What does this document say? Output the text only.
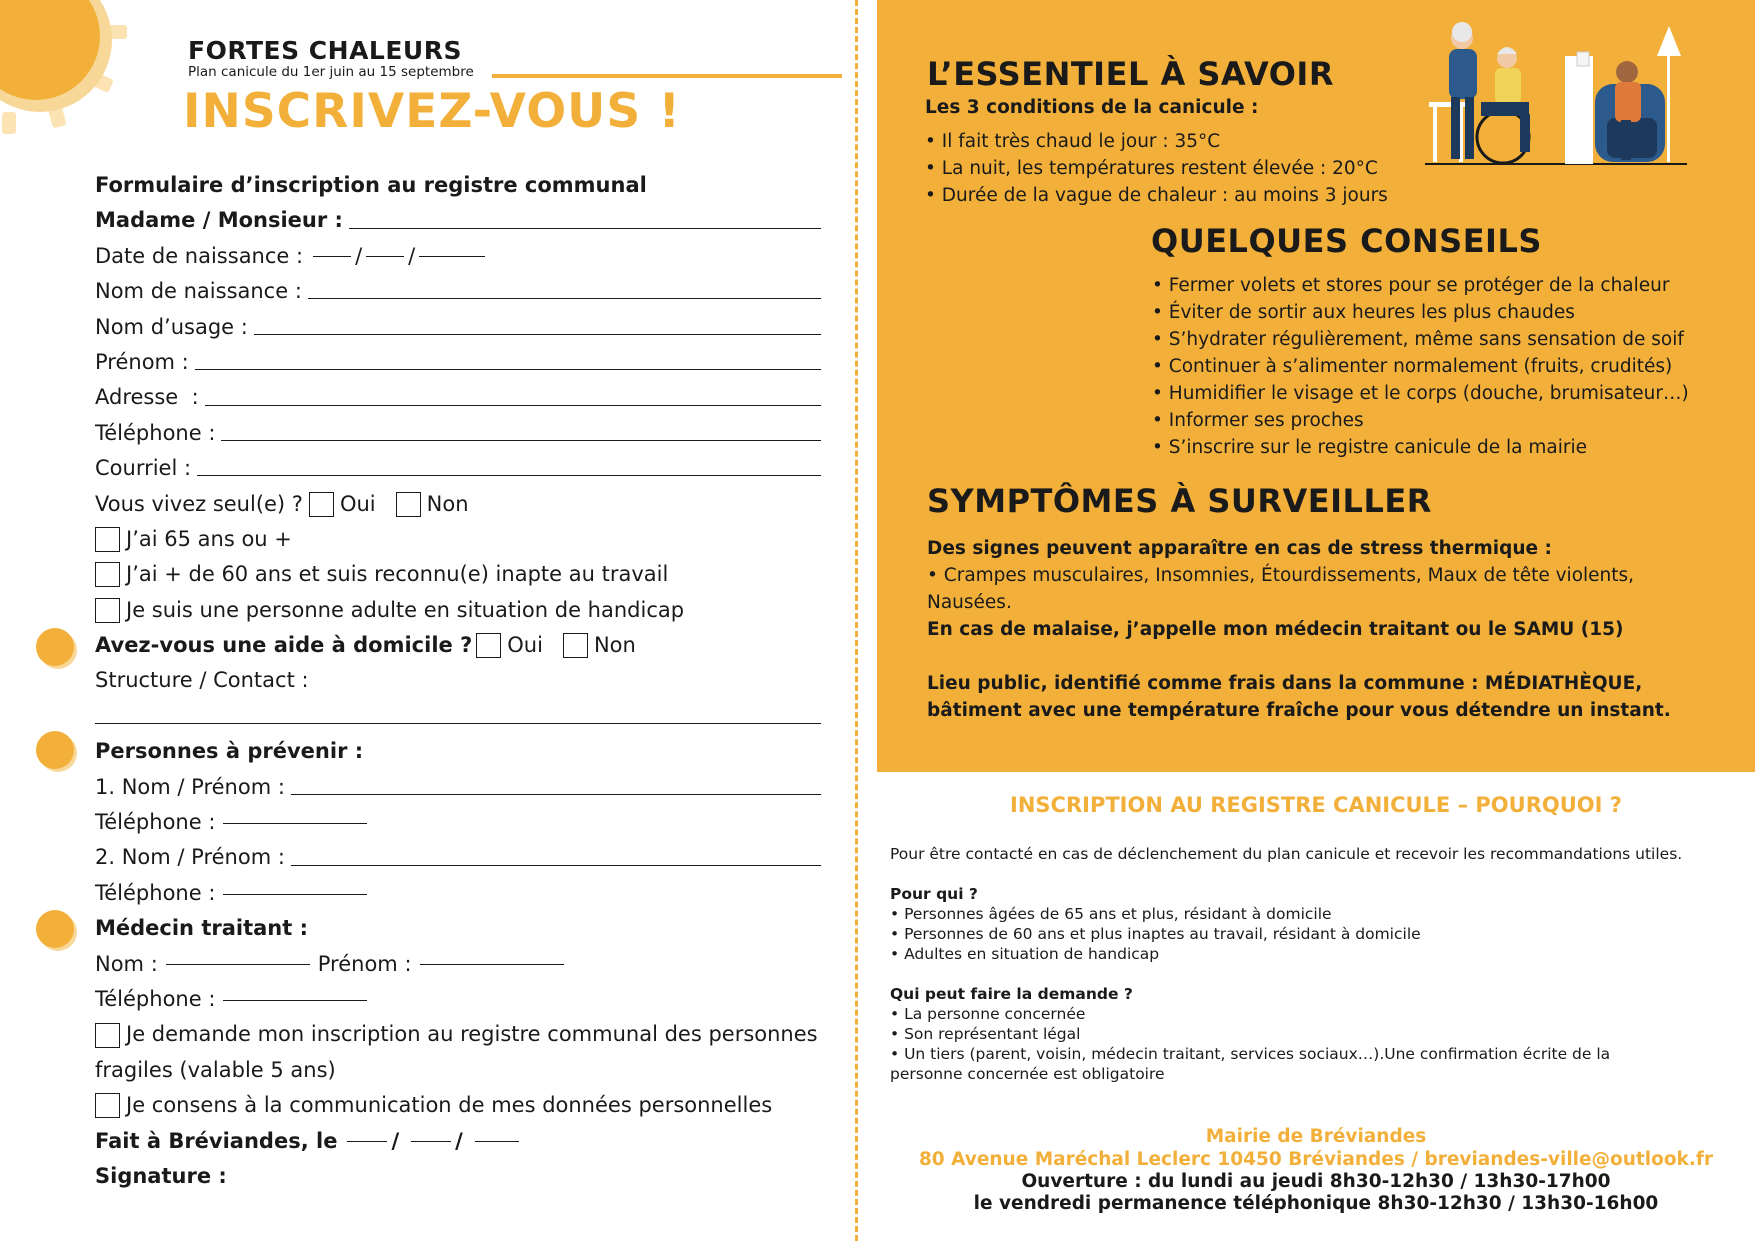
FORTES CHALEURS
Plan canicule du 1er juin au 15 septembre
INSCRIVEZ-VOUS !
Formulaire d’inscription au registre communal
Madame / Monsieur :
Date de naissance : /
/
Nom de naissance :
Nom d’usage :
Prénom :
Adresse  :
Téléphone :
Courriel :
Vous vivez seul(e) ? Oui Non
J’ai 65 ans ou +
J’ai + de 60 ans et suis reconnu(e) inapte au travail
Je suis une personne adulte en situation de handicap
Avez-vous une aide à domicile ? Oui Non
Structure / Contact :
Personnes à prévenir :
1. Nom / Prénom :
Téléphone :
2. Nom / Prénom :
Téléphone :
Médecin traitant :
Nom :	Prénom :
Téléphone :
Je demande mon inscription au registre communal des personnes
fragiles (valable 5 ans)
Je consens à la communication de mes données personnelles
Fait à Bréviandes, le	/	/
Signature :
L’ESSENTIEL À SAVOIR
Les 3 conditions de la canicule :
• Il fait très chaud le jour : 35°C
• La nuit, les températures restent élevée : 20°C
• Durée de la vague de chaleur : au moins 3 jours
QUELQUES CONSEILS
• Fermer volets et stores pour se protéger de la chaleur
• Éviter de sortir aux heures les plus chaudes
• S’hydrater régulièrement, même sans sensation de soif
• Continuer à s’alimenter normalement (fruits, crudités)
• Humidifier le visage et le corps (douche, brumisateur…)
• Informer ses proches
• S’inscrire sur le registre canicule de la mairie
SYMPTÔMES À SURVEILLER
Des signes peuvent apparaître en cas de stress thermique :
• Crampes musculaires, Insomnies, Étourdissements, Maux de tête violents, Nausées.
En cas de malaise, j’appelle mon médecin traitant ou le SAMU (15)
Lieu public, identifié comme frais dans la commune : MÉDIATHÈQUE, bâtiment avec une température fraîche pour vous détendre un instant.
INSCRIPTION AU REGISTRE CANICULE – POURQUOI ?

Pour être contacté en cas de déclenchement du plan canicule et recevoir les recommandations utiles.

Pour qui ?

• Personnes âgées de 65 ans et plus, résidant à domicile

• Personnes de 60 ans et plus inaptes au travail, résidant à domicile

• Adultes en situation de handicap

Qui peut faire la demande ?

• La personne concernée

• Son représentant légal

• Un tiers (parent, voisin, médecin traitant, services sociaux…).Une confirmation écrite de la personne concernée est obligatoire

Mairie de Bréviandes
80 Avenue Maréchal Leclerc 10450 Bréviandes / breviandes-ville@outlook.fr
Ouverture : du lundi au jeudi 8h30-12h30 / 13h30-17h00
le vendredi permanence téléphonique 8h30-12h30 / 13h30-16h00
